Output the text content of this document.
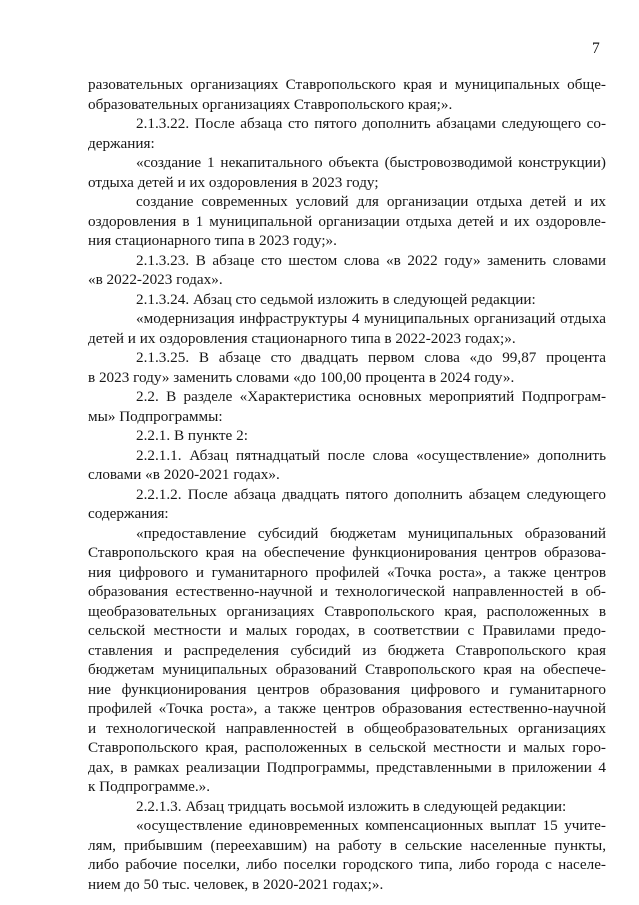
7
разовательных организациях Ставропольского края и муниципальных обще-
образовательных организациях Ставропольского края;».
2.1.3.22. После абзаца сто пятого дополнить абзацами следующего со-
держания:
«создание 1 некапитального объекта (быстровозводимой конструкции)
отдыха детей и их оздоровления в 2023 году;
создание современных условий для организации отдыха детей и их
оздоровления в 1 муниципальной организации отдыха детей и их оздоровле-
ния стационарного типа в 2023 году;».
2.1.3.23. В абзаце сто шестом слова «в 2022 году» заменить словами
«в 2022-2023 годах».
2.1.3.24. Абзац сто седьмой изложить в следующей редакции:
«модернизация инфраструктуры 4 муниципальных организаций отдыха
детей и их оздоровления стационарного типа в 2022-2023 годах;».
2.1.3.25. В абзаце сто двадцать первом слова «до 99,87 процента
в 2023 году» заменить словами «до 100,00 процента в 2024 году».
2.2. В разделе «Характеристика основных мероприятий Подпрограм-
мы» Подпрограммы:
2.2.1. В пункте 2:
2.2.1.1. Абзац пятнадцатый после слова «осуществление» дополнить
словами «в 2020-2021 годах».
2.2.1.2. После абзаца двадцать пятого дополнить абзацем следующего
содержания:
«предоставление субсидий бюджетам муниципальных образований
Ставропольского края на обеспечение функционирования центров образова-
ния цифрового и гуманитарного профилей «Точка роста», а также центров
образования естественно-научной и технологической направленностей в об-
щеобразовательных организациях Ставропольского края, расположенных в
сельской местности и малых городах, в соответствии с Правилами предо-
ставления и распределения субсидий из бюджета Ставропольского края
бюджетам муниципальных образований Ставропольского края на обеспече-
ние функционирования центров образования цифрового и гуманитарного
профилей «Точка роста», а также центров образования естественно-научной
и технологической направленностей в общеобразовательных организациях
Ставропольского края, расположенных в сельской местности и малых горо-
дах, в рамках реализации Подпрограммы, представленными в приложении 4
к Подпрограмме.».
2.2.1.3. Абзац тридцать восьмой изложить в следующей редакции:
«осуществление единовременных компенсационных выплат 15 учите-
лям, прибывшим (переехавшим) на работу в сельские населенные пункты,
либо рабочие поселки, либо поселки городского типа, либо города с населе-
нием до 50 тыс. человек, в 2020-2021 годах;».
